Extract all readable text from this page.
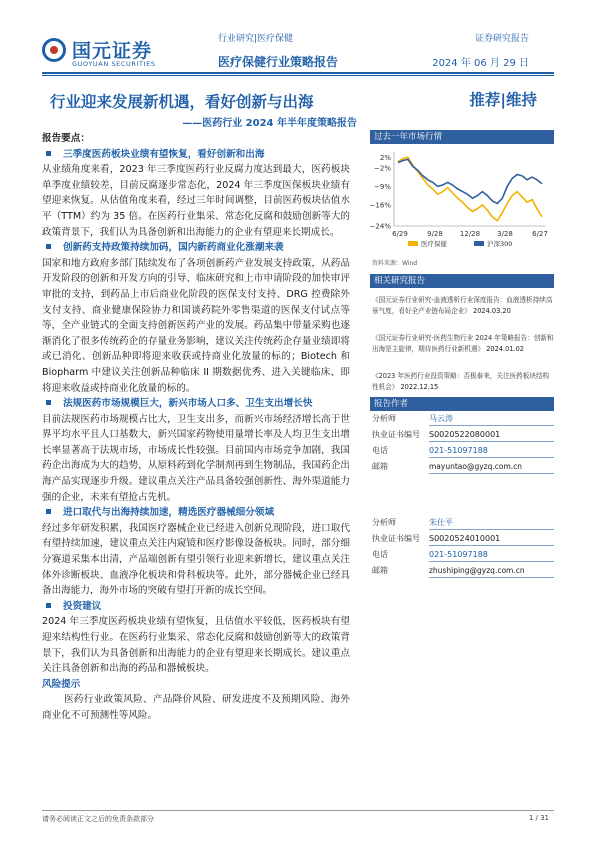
国元证券
GUOYUAN SECURITIES
行业研究|医疗保健	证券研究报告
医疗保健行业策略报告	2024 年 06 月 29 日
行业迎来发展新机遇，看好创新与出海	推荐|维持
——医药行业 2024 年半年度策略报告

报告要点：

三季度医药板块业绩有望恢复，看好创新和出海

从业绩角度来看，2023 年三季度医药行业反腐力度达到最大，医药板块单季度业绩较差，目前反腐逐步常态化，2024 年三季度医保板块业绩有望迎来恢复。从估值角度来看，经过三年时间调整，目前医药板块估值水平（TTM）约为 35 倍。在医药行业集采、常态化反腐和鼓励创新等大的政策背景下，我们认为具备创新和出海能力的企业有望迎来长期成长。

创新药支持政策持续加码，国内新药商业化涨潮来袭

国家和地方政府多部门陆续发布了各项创新药产业发展支持政策，从药品开发阶段的创新和开发方向的引导、临床研究和上市申请阶段的加快审评审批的支持，到药品上市后商业化阶段的医保支付支持、DRG 控费除外支付支持、商业健康保险协力和国谈药院外零售渠道的医保支付试点等等，全产业链式的全面支持创新医药产业的发展。药品集中带量采购也逐渐消化了很多传统药企的存量业务影响，建议关注传统药企存量业绩即将或已消化、创新品种即将迎来收获或持商业化放量的标的；Biotech 和 Biopharm 中建议关注创新品种临床 II 期数据优秀、进入关键临床、即将迎来收益或持商业化放量的标的。

法规医药市场规模巨大，新兴市场人口多、卫生支出增长快

目前法规医药市场规模占比大，卫生支出多，而新兴市场经济增长高于世界平均水平且人口基数大，新兴国家药物使用量增长率及人均卫生支出增长率显著高于法规市场，市场成长性较强。目前国内市场竞争加剧，我国药企出海成为大的趋势，从原料药到化学制剂再到生物制品，我国药企出海产品实现逐步升级。建议重点关注产品具备较强创新性、海外渠道能力强的企业，未来有望抢占先机。

进口取代与出海持续加速，精选医疗器械细分领域

经过多年研发积累，我国医疗器械企业已经进入创新兑现阶段，进口取代有望持续加速，建议重点关注内窥镜和医疗影像设备板块。同时，部分细分赛道采集本出清，产品端创新有望引领行业迎来新增长，建议重点关注体外诊断板块、血液净化板块和骨科板块等。此外，部分器械企业已经具备出海能力，海外市场的突破有望打开新的成长空间。

投资建议

2024 年三季度医药板块业绩有望恢复，且估值水平较低，医药板块有望迎来结构性行业。在医药行业集采、常态化反腐和鼓励创新等大的政策背景下，我们认为具备创新和出海能力的企业有望迎来长期成长。建议重点关注具备创新和出海的药品和器械板块。

风险提示

医药行业政策风险、产品降价风险、研发进度不及预期风险、海外商业化不可预测性等风险。

过去一年市场行情
2%
−2%
−9%
−16%
−24%
6/29	9/28 12/28 3/28	6/27
医疗保健	沪深300
资料来源：Wind
相关研究报告
《国元证券行业研究-血液透析行业深度报告：血液透析持续高景气度，看好全产业链布局企业》 2024.03.20
《国元证券行业研究-医药生物行业 2024 年策略报告：创新和出海是主旋律，期待医药行业新机遇》 2024.01.02
《2023 年医药行业投资策略：否极泰来，关注医药板块结构性机会》 2022.12.15
报告作者
分析师	马云涛
执业证书编号 S0020522080001
电话	021-51097188
邮箱	mayuntao@gyzq.com.cn
分析师	朱仕平
执业证书编号 S0020524010001
电话	021-51097188
邮箱	zhushiping@gyzq.com.cn
请务必阅读正文之后的免责条款部分	1 / 31
